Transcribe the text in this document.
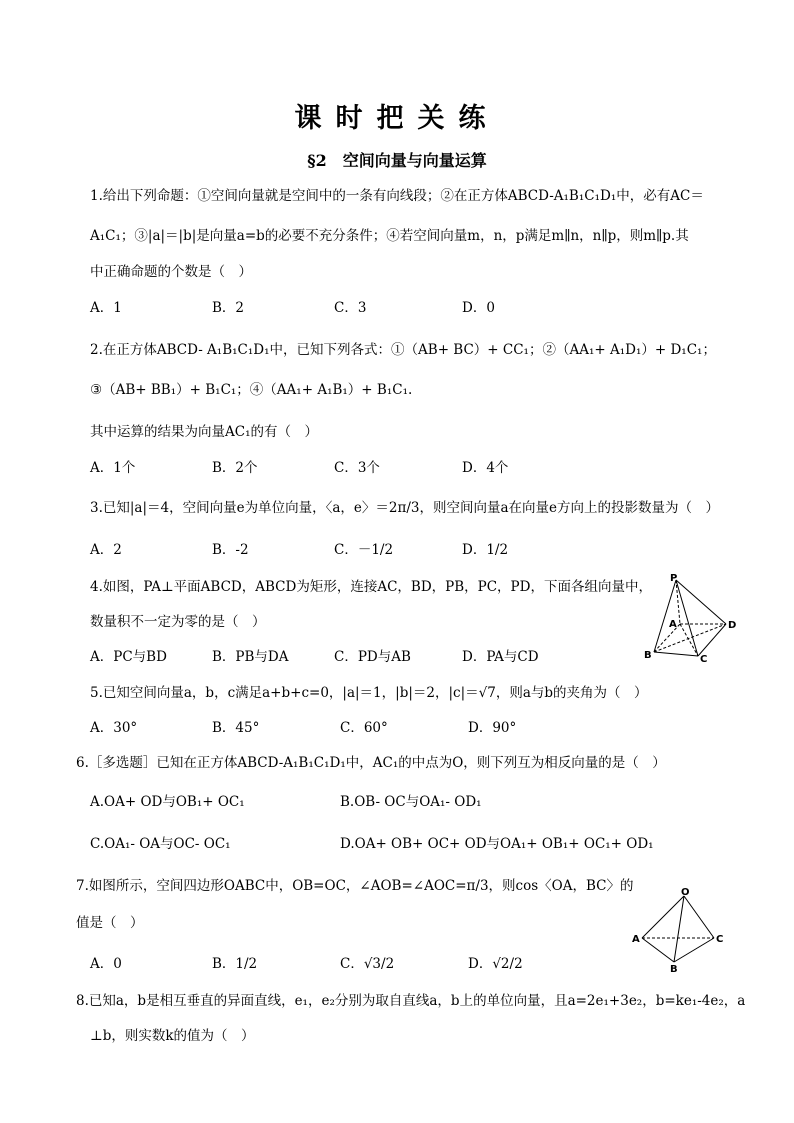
课时把关练
§2　空间向量与向量运算
1.给出下列命题：①空间向量就是空间中的一条有向线段；②在正方体ABCD-A₁B₁C₁D₁中，必有AC＝
A₁C₁；③|a|＝|b|是向量a=b的必要不充分条件；④若空间向量m，n，p满足m∥n，n∥p，则m∥p.其
中正确命题的个数是（　）
A．1	B．2	C．3	D．0
2.在正方体ABCD- A₁B₁C₁D₁中，已知下列各式：①（AB+ BC）+ CC₁；②（AA₁+ A₁D₁）+ D₁C₁；
③（AB+ BB₁）+ B₁C₁；④（AA₁+ A₁B₁）+ B₁C₁.
其中运算的结果为向量AC₁的有（　）
A．1个	B．2个	C．3个	D．4个
3.已知|a|＝4，空间向量e为单位向量，〈a，e〉＝2π/3，则空间向量a在向量e方向上的投影数量为（　）
A．2	B．-2	C．－1/2	D．1/2
4.如图，PA⊥平面ABCD，ABCD为矩形，连接AC，BD，PB，PC，PD，下面各组向量中，
数量积不一定为零的是（　）
A．PC与BD	B．PB与DA	C．PD与AB	D．PA与CD
P
A	D
B	C
5.已知空间向量a，b，c满足a+b+c=0，|a|＝1，|b|＝2，|c|＝√7，则a与b的夹角为（　）
A．30°	B．45°	C．60°	D．90°
6.［多选题］已知在正方体ABCD-A₁B₁C₁D₁中，AC₁的中点为O，则下列互为相反向量的是（　）
A.OA+ OD与OB₁+ OC₁	B.OB- OC与OA₁- OD₁
C.OA₁- OA与OC- OC₁	D.OA+ OB+ OC+ OD与OA₁+ OB₁+ OC₁+ OD₁
7.如图所示，空间四边形OABC中，OB=OC，∠AOB=∠AOC=π/3，则cos〈OA，BC〉的
值是（　）
A．0	B．1/2	C．√3/2	D．√2/2
O
A	C
B
8.已知a，b是相互垂直的异面直线，e₁，e₂分别为取自直线a，b上的单位向量，且a=2e₁+3e₂，b=ke₁-4e₂，a
⊥b，则实数k的值为（　）
